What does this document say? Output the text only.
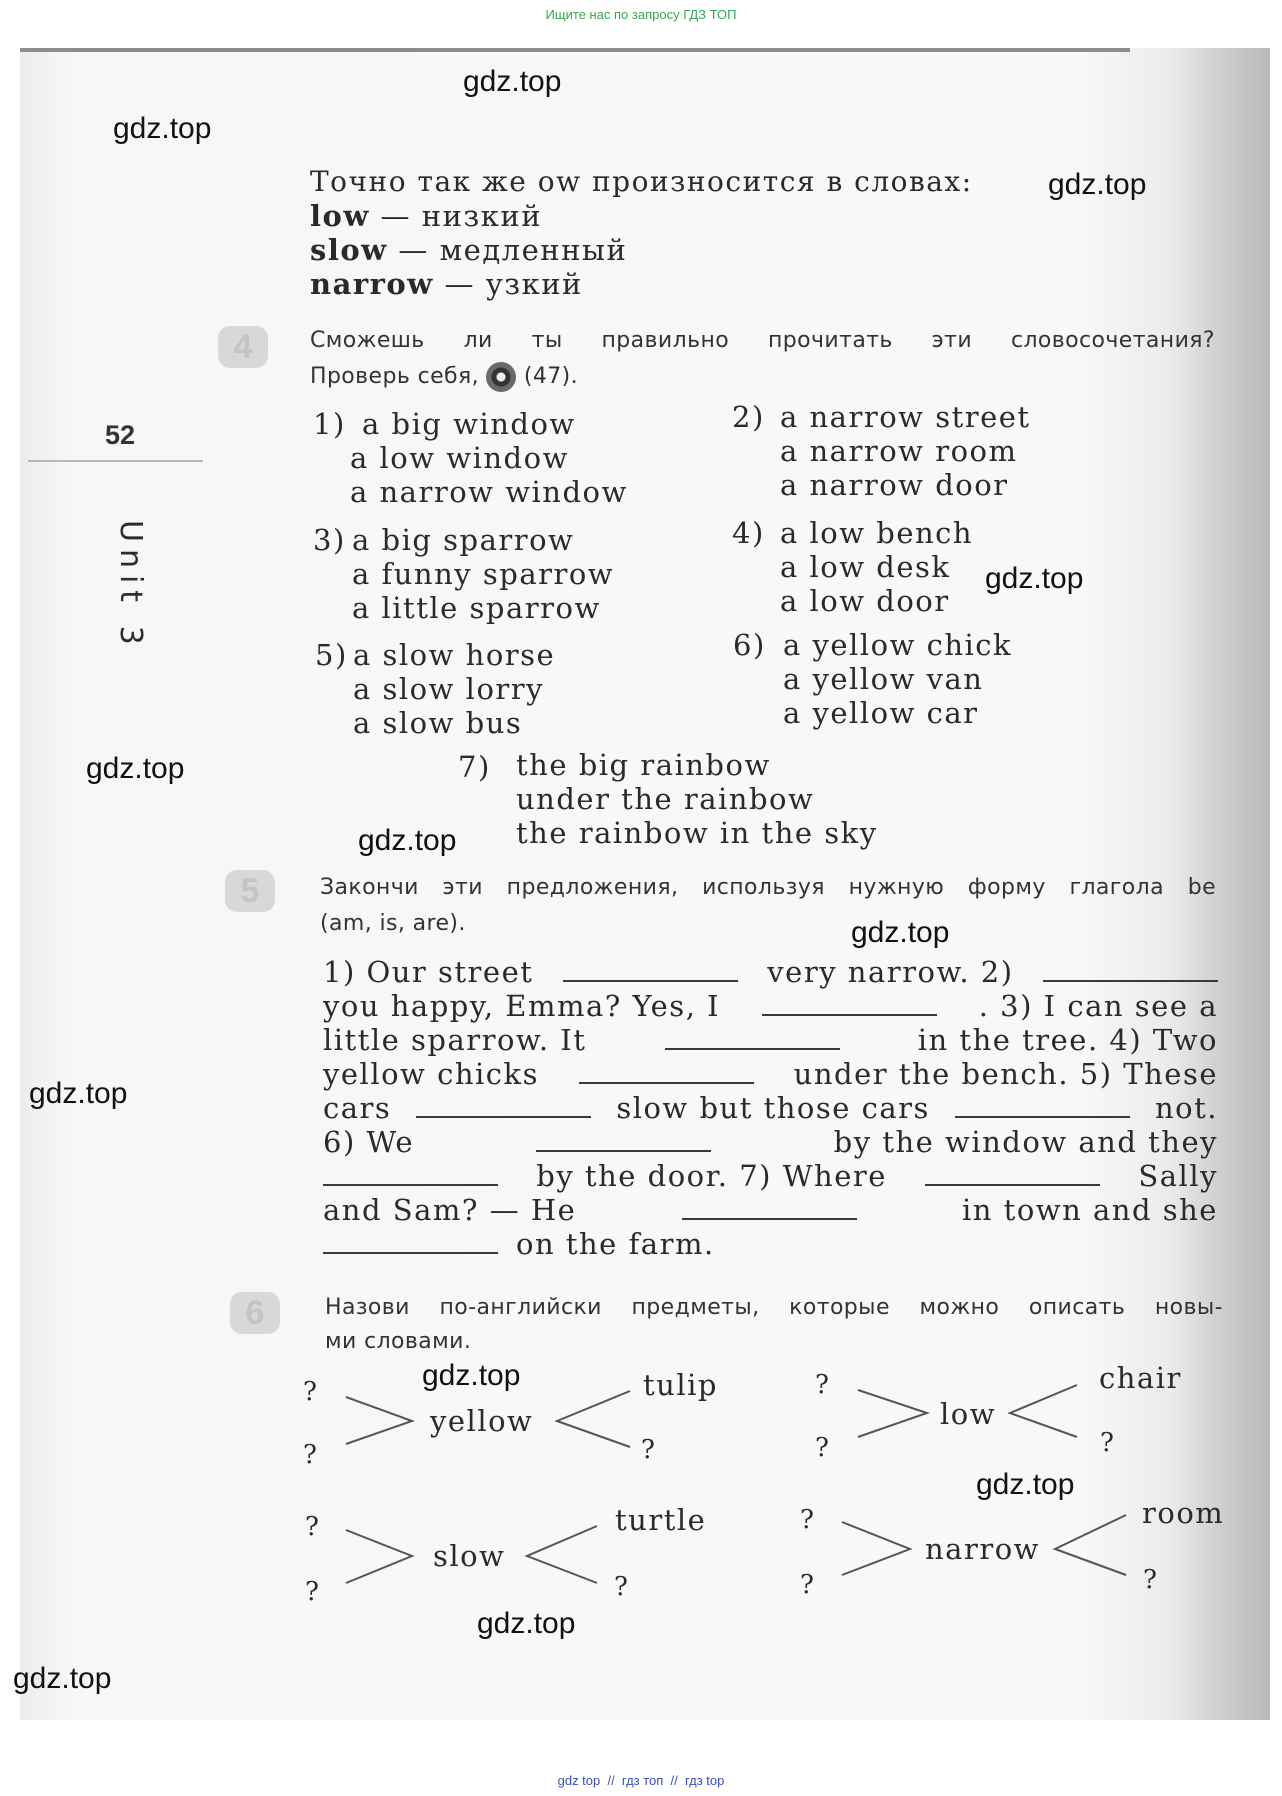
Ищите нас по запросу ГДЗ ТОП
gdz top  //  гдз топ  //  гдз top
52
Unit 3
Точно так же ow произносится в словах:
low — низкий
slow — медленный
narrow — узкий
4	Сможешь ли ты правильно прочитать эти словосочетания?
Проверь себя, (47).
1) a big window
a low window
a narrow window
2) a narrow street
a narrow room
a narrow door
3) a big sparrow
a funny sparrow
a little sparrow
4) a low bench
a low desk
a low door
5) a slow horse
a slow lorry
a slow bus
6) a yellow chick
a yellow van
a yellow car
7) the big rainbow
under the rainbow
the rainbow in the sky
5	Закончи эти предложения, используя нужную форму глагола be
(am, is, are).
1) Our street	very narrow. 2)
you happy, Emma? Yes, I	. 3) I can see a
little sparrow. It	in the tree. 4) Two
yellow chicks	under the bench. 5) These
cars	slow but those cars	not.
6) We	by the window and they
by the door. 7) Where	Sally
and Sam? — He	in town and she
on the farm.
6	Назови по-английски предметы, которые можно описать новы-
ми словами.
?
?
yellow
tulip
?
?
?
low
chair
?
?
?
slow
turtle
?
?
?
narrow
room
?
gdz.top
gdz.top
gdz.top
gdz.top
gdz.top
gdz.top
gdz.top
gdz.top
gdz.top
gdz.top
gdz.top
gdz.top
